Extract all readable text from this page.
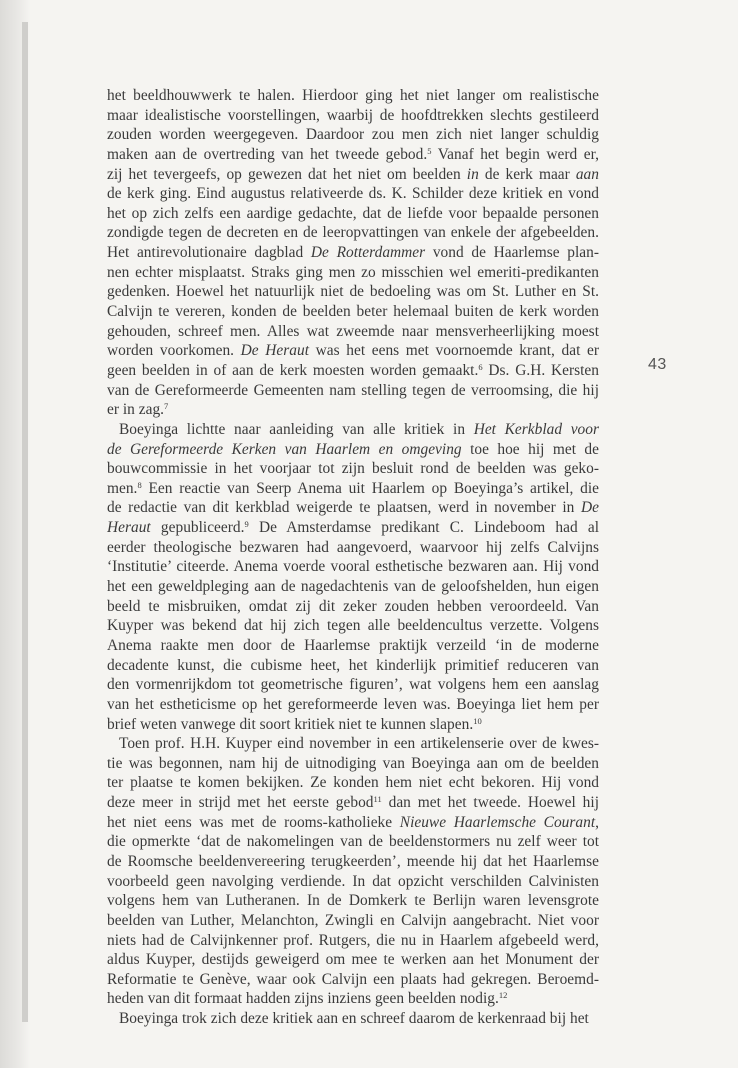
het beeldhouwwerk te halen. Hierdoor ging het niet langer om realistische
maar idealistische voorstellingen, waarbij de hoofdtrekken slechts gestileerd
zouden worden weergegeven. Daardoor zou men zich niet langer schuldig
maken aan de overtreding van het tweede gebod.$^5$ Vanaf het begin werd er,
zij het tevergeefs, op gewezen dat het niet om beelden in de kerk maar aan
de kerk ging. Eind augustus relativeerde ds. K. Schilder deze kritiek en vond
het op zich zelfs een aardige gedachte, dat de liefde voor bepaalde personen
zondigde tegen de decreten en de leeropvattingen van enkele der afgebeelden.
Het antirevolutionaire dagblad De Rotterdammer vond de Haarlemse plan-
nen echter misplaatst. Straks ging men zo misschien wel emeriti-predikanten
gedenken. Hoewel het natuurlijk niet de bedoeling was om St. Luther en St.
Calvijn te vereren, konden de beelden beter helemaal buiten de kerk worden
gehouden, schreef men. Alles wat zweemde naar mensverheerlijking moest
worden voorkomen. De Heraut was het eens met voornoemde krant, dat er
geen beelden in of aan de kerk moesten worden gemaakt.$^6$ Ds. G.H. Kersten
van de Gereformeerde Gemeenten nam stelling tegen de verroomsing, die hij
er in zag.$^7$
Boeyinga lichtte naar aanleiding van alle kritiek in Het Kerkblad voor
de Gereformeerde Kerken van Haarlem en omgeving toe hoe hij met de
bouwcommissie in het voorjaar tot zijn besluit rond de beelden was geko-
men.$^8$ Een reactie van Seerp Anema uit Haarlem op Boeyinga’s artikel, die
de redactie van dit kerkblad weigerde te plaatsen, werd in november in De
Heraut gepubliceerd.$^9$ De Amsterdamse predikant C. Lindeboom had al
eerder theologische bezwaren had aangevoerd, waarvoor hij zelfs Calvijns
‘Institutie’ citeerde. Anema voerde vooral esthetische bezwaren aan. Hij vond
het een geweldpleging aan de nagedachtenis van de geloofshelden, hun eigen
beeld te misbruiken, omdat zij dit zeker zouden hebben veroordeeld. Van
Kuyper was bekend dat hij zich tegen alle beeldencultus verzette. Volgens
Anema raakte men door de Haarlemse praktijk verzeild ‘in de moderne
decadente kunst, die cubisme heet, het kinderlijk primitief reduceren van
den vormenrijkdom tot geometrische figuren’, wat volgens hem een aanslag
van het estheticisme op het gereformeerde leven was. Boeyinga liet hem per
brief weten vanwege dit soort kritiek niet te kunnen slapen.$^{10}$
Toen prof. H.H. Kuyper eind november in een artikelenserie over de kwes-
tie was begonnen, nam hij de uitnodiging van Boeyinga aan om de beelden
ter plaatse te komen bekijken. Ze konden hem niet echt bekoren. Hij vond
deze meer in strijd met het eerste gebod$^{11}$ dan met het tweede. Hoewel hij
het niet eens was met de rooms-katholieke Nieuwe Haarlemsche Courant,
die opmerkte ‘dat de nakomelingen van de beeldenstormers nu zelf weer tot
de Roomsche beeldenvereering terugkeerden’, meende hij dat het Haarlemse
voorbeeld geen navolging verdiende. In dat opzicht verschilden Calvinisten
volgens hem van Lutheranen. In de Domkerk te Berlijn waren levensgrote
beelden van Luther, Melanchton, Zwingli en Calvijn aangebracht. Niet voor
niets had de Calvijnkenner prof. Rutgers, die nu in Haarlem afgebeeld werd,
aldus Kuyper, destijds geweigerd om mee te werken aan het Monument der
Reformatie te Genève, waar ook Calvijn een plaats had gekregen. Beroemd-
heden van dit formaat hadden zijns inziens geen beelden nodig.$^{12}$
Boeyinga trok zich deze kritiek aan en schreef daarom de kerkenraad bij het
43
